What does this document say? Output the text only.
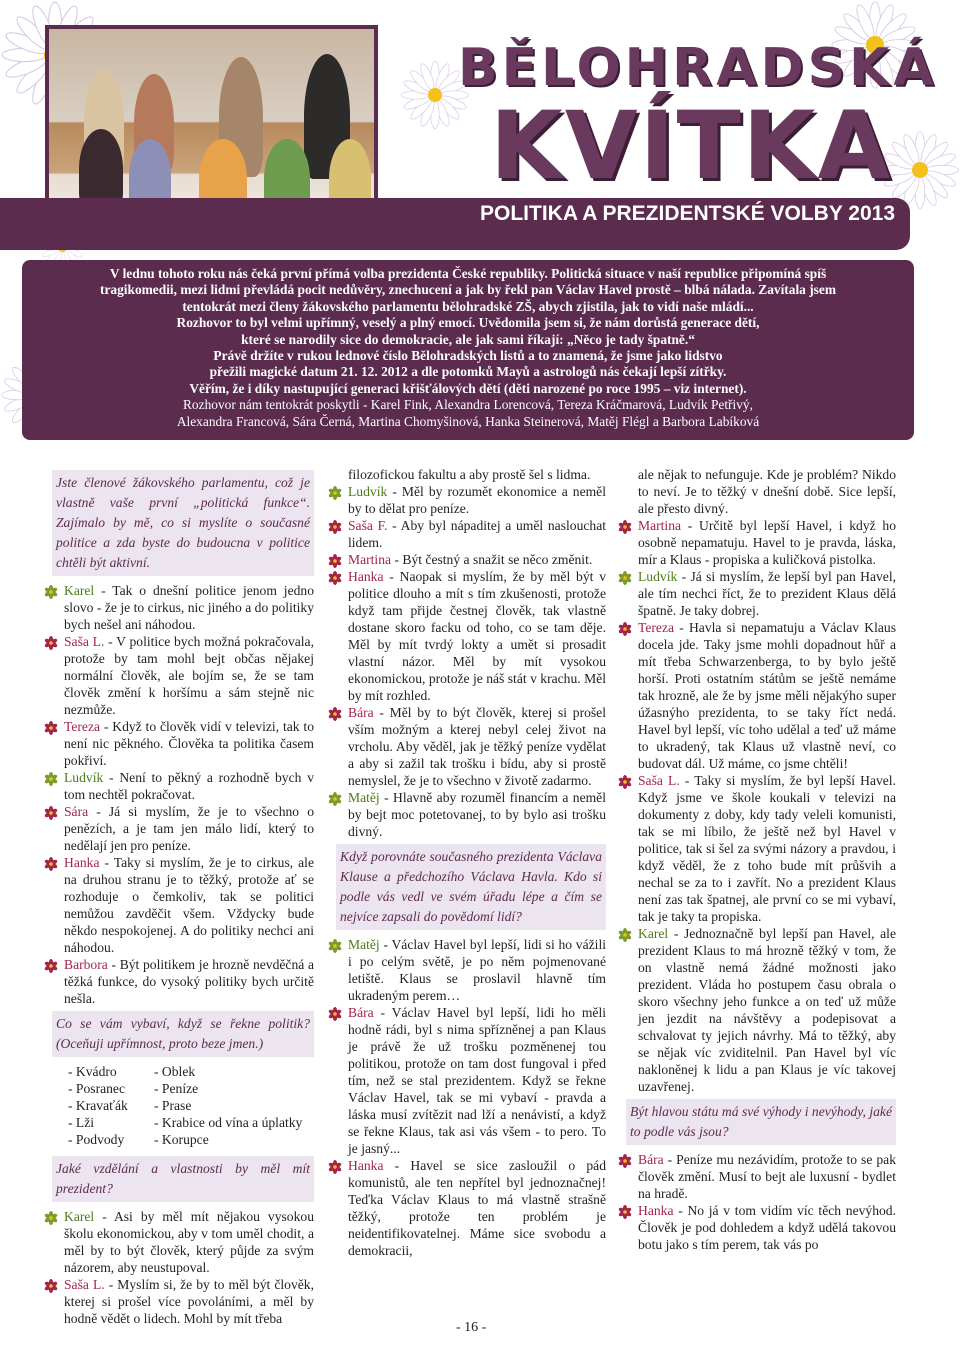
BĚLOHRADSKÁ
KVÍTKA
POLITIKA A PREZIDENTSKÉ VOLBY 2013
V lednu tohoto roku nás čeká první přímá volba prezidenta České republiky. Politická situace v naší republice připomíná spíš
tragikomedii, mezi lidmi převládá pocit nedůvěry, znechucení a jak by řekl pan Václav Havel prostě – blbá nálada. Zavítala jsem
tentokrát mezi členy žákovského parlamentu bělohradské ZŠ, abych zjistila, jak to vidí naše mládí...
Rozhovor to byl velmi upřímný, veselý a plný emocí. Uvědomila jsem si, že nám dorůstá generace dětí,
které se narodily sice do demokracie, ale jak sami říkají: „Něco je tady špatně.“
Právě držíte v rukou lednové číslo Bělohradských listů a to znamená, že jsme jako lidstvo
přežili magické datum 21. 12. 2012 a dle potomků Mayů a astrologů nás čekají lepší zítřky.
Věřím, že i díky nastupující generaci křišťálových dětí (děti narozené po roce 1995 – viz internet).
Rozhovor nám tentokrát poskytli - Karel Fink, Alexandra Lorencová, Tereza Kráčmarová, Ludvík Petřivý,
Alexandra Francová, Sára Černá, Martina Chomyšinová, Hanka Steinerová, Matěj Flégl a Barbora Labíková
Jste členové žákovského parlamentu, což je vlastně vaše první „politická funkce“. Zajímalo by mě, co si myslíte o současné politice a zda byste do budoucna v politice chtěli být aktivní.

Karel - Tak o dnešní politice jenom jedno slovo - že je to cirkus, nic jiného a do politiky bych nešel ani náhodou.

Saša L. - V politice bych možná pokračovala, protože by tam mohl bejt občas nějakej normální člověk, ale bojím se, že se tam člověk změní k horšímu a sám stejně nic nezmůže.

Tereza - Když to člověk vidí v televizi, tak to není nic pěkného. Člověka ta politika časem pokřiví.

Ludvík - Není to pěkný a rozhodně bych v tom nechtěl pokračovat.

Sára - Já si myslím, že je to všechno o penězích, a je tam jen málo lidí, který to nedělají jen pro peníze.

Hanka - Taky si myslím, že je to cirkus, ale na druhou stranu je to těžký, protože ať se rozhoduje o čemkoliv, tak se politici nemůžou zavděčit všem. Vždycky bude někdo nespokojenej. A do politiky nechci ani náhodou.

Barbora - Být politikem je hrozně nevděčná a těžká funkce, do vysoký politiky bych určitě nešla.

Co se vám vybaví, když se řekne politik? (Oceňuji upřímnost, proto beze jmen.)
- Kvádro
- Posranec
- Kravaťák
- Lži
- Podvody
- Oblek
- Peníze
- Prase
- Krabice od vína a úplatky
- Korupce
Jaké vzdělání a vlastnosti by měl mít prezident?

Karel - Asi by měl mít nějakou vysokou školu ekonomickou, aby v tom uměl chodit, a měl by to být člověk, který půjde za svým názorem, aby neustupoval.

Saša L. - Myslím si, že by to měl být člověk, kterej si prošel více povoláními, a měl by hodně vědět o lidech. Mohl by mít třeba

filozofickou fakultu a aby prostě šel s lidma.

Ludvík - Měl by rozumět ekonomice a neměl by to dělat pro peníze.

Saša F. - Aby byl nápaditej a uměl naslouchat lidem.

Martina - Být čestný a snažit se něco změnit.

Hanka - Naopak si myslím, že by měl být v politice dlouho a mít s tím zkušenosti, protože když tam přijde čestnej člověk, tak vlastně dostane skoro facku od toho, co se tam děje. Měl by mít tvrdý lokty a umět si prosadit vlastní názor. Měl by mít vysokou ekonomickou, protože je náš stát v krachu. Měl by mít rozhled.

Bára - Měl by to být člověk, kterej si prošel vším možným a kterej nebyl celej život na vrcholu. Aby věděl, jak je těžký peníze vydělat a aby si zažil tak trošku i bídu, aby si prostě nemyslel, že je to všechno v životě zadarmo.

Matěj - Hlavně aby rozuměl financím a neměl by bejt moc potetovanej, to by bylo asi trošku divný.

Když porovnáte současného prezidenta Václava Klause a předchozího Václava Havla. Kdo si podle vás vedl ve svém úřadu lépe a čím se nejvíce zapsali do povědomí lidí?

Matěj - Václav Havel byl lepší, lidi si ho vážili i po celým světě, je po něm pojmenované letiště. Klaus se proslavil hlavně tím ukradeným perem…

Bára - Václav Havel byl lepší, lidi ho měli hodně rádi, byl s nima spřízněnej a pan Klaus je právě že už trošku pozměnenej tou politikou, protože on tam dost fungoval i před tím, než se stal prezidentem. Když se řekne Václav Havel, tak se mi vybaví - pravda a láska musí zvítězit nad lží a nenávistí, a když se řekne Klaus, tak asi vás všem - to pero. To je jasný...

Hanka - Havel se sice zasloužil o pád komunistů, ale ten nepřítel byl jednoznačnej! Teďka Václav Klaus to má vlastně strašně těžký, protože ten problém je neidentifikovatelnej. Máme sice svobodu a demokracii,

ale nějak to nefunguje. Kde je problém? Nikdo to neví. Je to těžký v dnešní době. Sice lepší, ale přesto divný.

Martina - Určitě byl lepší Havel, i když ho osobně nepamatuju. Havel to je pravda, láska, mír a Klaus - propiska a kuličková pistolka.

Ludvík - Já si myslím, že lepší byl pan Havel, ale tím nechci říct, že to prezident Klaus dělá špatně. Je taky dobrej.

Tereza - Havla si nepamatuju a Václav Klaus docela jde. Taky jsme mohli dopadnout hůř a mít třeba Schwarzenberga, to by bylo ještě horší. Proti ostatním státům se ještě nemáme tak hrozně, ale že by jsme měli nějakýho super úžasnýho prezidenta, to se taky říct nedá. Havel byl lepší, víc toho udělal a teď už máme to ukradený, tak Klaus už vlastně neví, co budovat dál. Už máme, co jsme chtěli!

Saša L. - Taky si myslím, že byl lepší Havel. Když jsme ve škole koukali v televizi na dokumenty z doby, kdy tady veleli komunisti, tak se mi líbilo, že ještě než byl Havel v politice, tak si šel za svými názory a pravdou, i když věděl, že z toho bude mít průšvih a nechal se za to i zavřít. No a prezident Klaus není zas tak špatnej, ale první co se mi vybaví, tak je taky ta propiska.

Karel - Jednoznačně byl lepší pan Havel, ale prezident Klaus to má hrozně těžký v tom, že on vlastně nemá žádné možnosti jako prezident. Vláda ho postupem času obrala o skoro všechny jeho funkce a on teď už může jen jezdit na návštěvy a podepisovat a schvalovat ty jejich návrhy. Má to těžký, aby se nějak víc zviditelnil. Pan Havel byl víc nakloněnej k lidu a pan Klaus je víc takovej uzavřenej.

Být hlavou státu má své výhody i nevýhody, jaké to podle vás jsou?

Bára - Peníze mu nezávidím, protože to se pak člověk změní. Musí to bejt ale luxusní - bydlet na hradě.

Hanka - No já v tom vidím víc těch nevýhod. Člověk je pod dohledem a když udělá takovou botu jako s tím perem, tak vás po

- 16 -
